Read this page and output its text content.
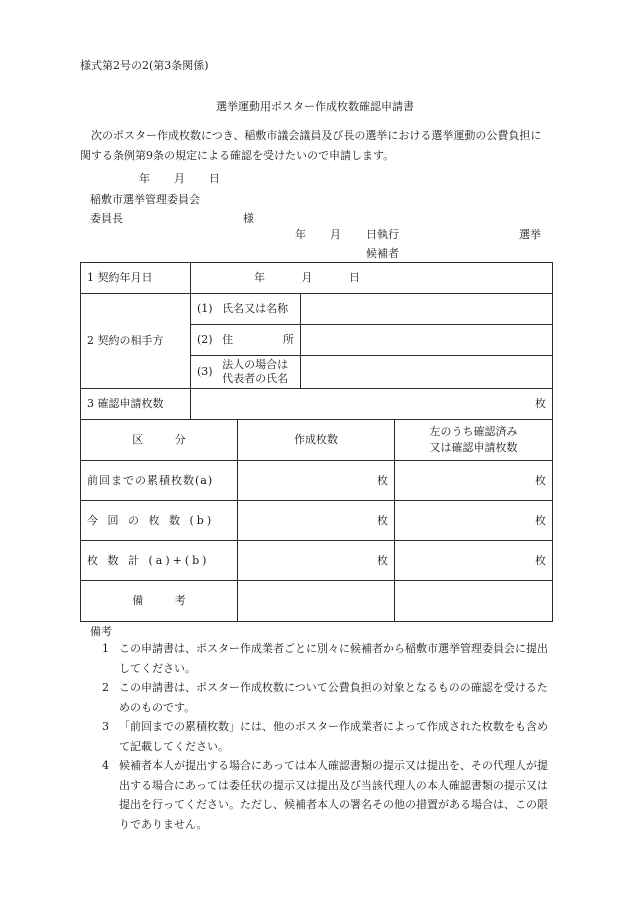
様式第2号の2(第3条関係)
選挙運動用ポスター作成枚数確認申請書
次のポスター作成枚数につき、稲敷市議会議員及び長の選挙における選挙運動の公費負担に関する条例第9条の規定による確認を受けたいので申請します。
年 月 日
稲敷市選挙管理委員会
委員長	様
年 月 日執行	選挙
候補者
1 契約年月日	年 月 日	
2 契約の相手方	(1) 氏名又は名称	
	(2) 住 所	

	(3)
法人の場合は
代表者の氏名	

3 確認申請枚数	枚	
区 分	作成枚数	左のうち確認済み
又は確認申請枚数

前回までの累積枚数(a)	枚	枚
今 回 の 枚 数 (b)	枚	枚
枚 数 計 (a)+(b)	枚	枚
備 考		
備考
1 この申請書は、ポスター作成業者ごとに別々に候補者から稲敷市選挙管理委員会に提出してください。
2 この申請書は、ポスター作成枚数について公費負担の対象となるものの確認を受けるためのものです。
3 「前回までの累積枚数」には、他のポスター作成業者によって作成された枚数をも含めて記載してください。
4 候補者本人が提出する場合にあっては本人確認書類の提示又は提出を、その代理人が提出する場合にあっては委任状の提示又は提出及び当該代理人の本人確認書類の提示又は提出を行ってください。ただし、候補者本人の署名その他の措置がある場合は、この限りでありません。
